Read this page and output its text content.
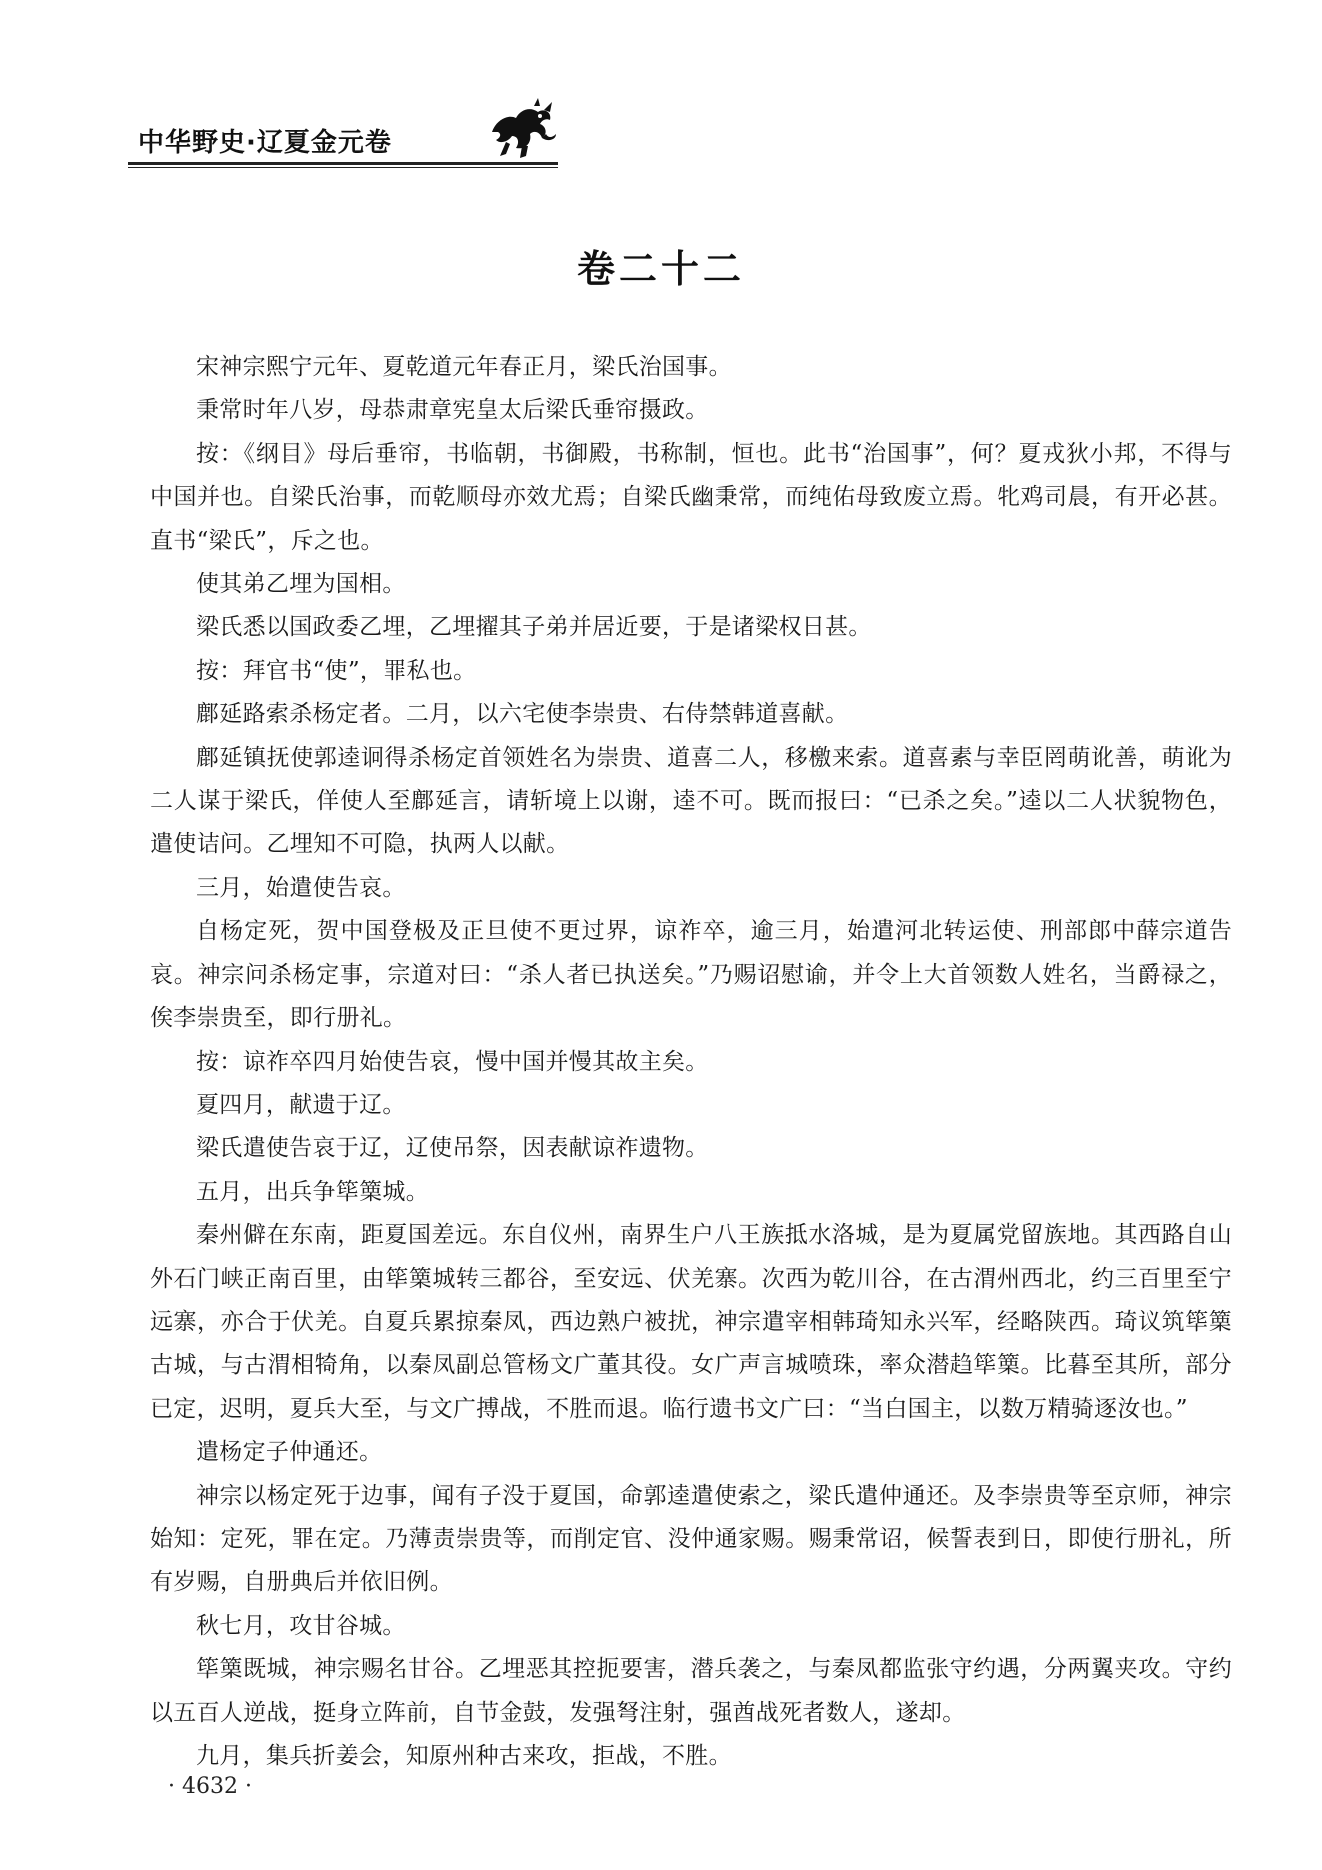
中华野史·辽夏金元卷
卷二十二

宋神宗熙宁元年、夏乾道元年春正月，梁氏治国事。

秉常时年八岁，母恭肃章宪皇太后梁氏垂帘摄政。

按：《纲目》母后垂帘，书临朝，书御殿，书称制，恒也。此书“治国事”，何？夏戎狄小邦，不得与中国并也。自梁氏治事，而乾顺母亦效尤焉；自梁氏幽秉常，而纯佑母致废立焉。牝鸡司晨，有开必甚。直书“梁氏”，斥之也。

使其弟乙埋为国相。

梁氏悉以国政委乙埋，乙埋擢其子弟并居近要，于是诸梁权日甚。

按：拜官书“使”，罪私也。

鄜延路索杀杨定者。二月，以六宅使李崇贵、右侍禁韩道喜献。

鄜延镇抚使郭逵诇得杀杨定首领姓名为崇贵、道喜二人，移檄来索。道喜素与幸臣罔萌讹善，萌讹为二人谋于梁氏，佯使人至鄜延言，请斩境上以谢，逵不可。既而报曰：“已杀之矣。”逵以二人状貌物色，遣使诘问。乙埋知不可隐，执两人以献。

三月，始遣使告哀。

自杨定死，贺中国登极及正旦使不更过界，谅祚卒，逾三月，始遣河北转运使、刑部郎中薛宗道告哀。神宗问杀杨定事，宗道对曰：“杀人者已执送矣。”乃赐诏慰谕，并令上大首领数人姓名，当爵禄之，俟李崇贵至，即行册礼。

按：谅祚卒四月始使告哀，慢中国并慢其故主矣。

夏四月，献遗于辽。

梁氏遣使告哀于辽，辽使吊祭，因表献谅祚遗物。

五月，出兵争筚篥城。

秦州僻在东南，距夏国差远。东自仪州，南界生户八王族抵水洛城，是为夏属党留族地。其西路自山外石门峡正南百里，由筚篥城转三都谷，至安远、伏羌寨。次西为乾川谷，在古渭州西北，约三百里至宁远寨，亦合于伏羌。自夏兵累掠秦凤，西边熟户被扰，神宗遣宰相韩琦知永兴军，经略陕西。琦议筑筚篥古城，与古渭相犄角，以秦凤副总管杨文广董其役。女广声言城喷珠，率众潜趋筚篥。比暮至其所，部分已定，迟明，夏兵大至，与文广搏战，不胜而退。临行遗书文广曰：“当白国主，以数万精骑逐汝也。”

遣杨定子仲通还。

神宗以杨定死于边事，闻有子没于夏国，命郭逵遣使索之，梁氏遣仲通还。及李崇贵等至京师，神宗始知：定死，罪在定。乃薄责崇贵等，而削定官、没仲通家赐。赐秉常诏，候誓表到日，即使行册礼，所有岁赐，自册典后并依旧例。

秋七月，攻甘谷城。

筚篥既城，神宗赐名甘谷。乙埋恶其控扼要害，潜兵袭之，与秦凤都监张守约遇，分两翼夹攻。守约以五百人逆战，挺身立阵前，自节金鼓，发强弩注射，强酋战死者数人，遂却。

九月，集兵折姜会，知原州种古来攻，拒战，不胜。

· 4632 ·
